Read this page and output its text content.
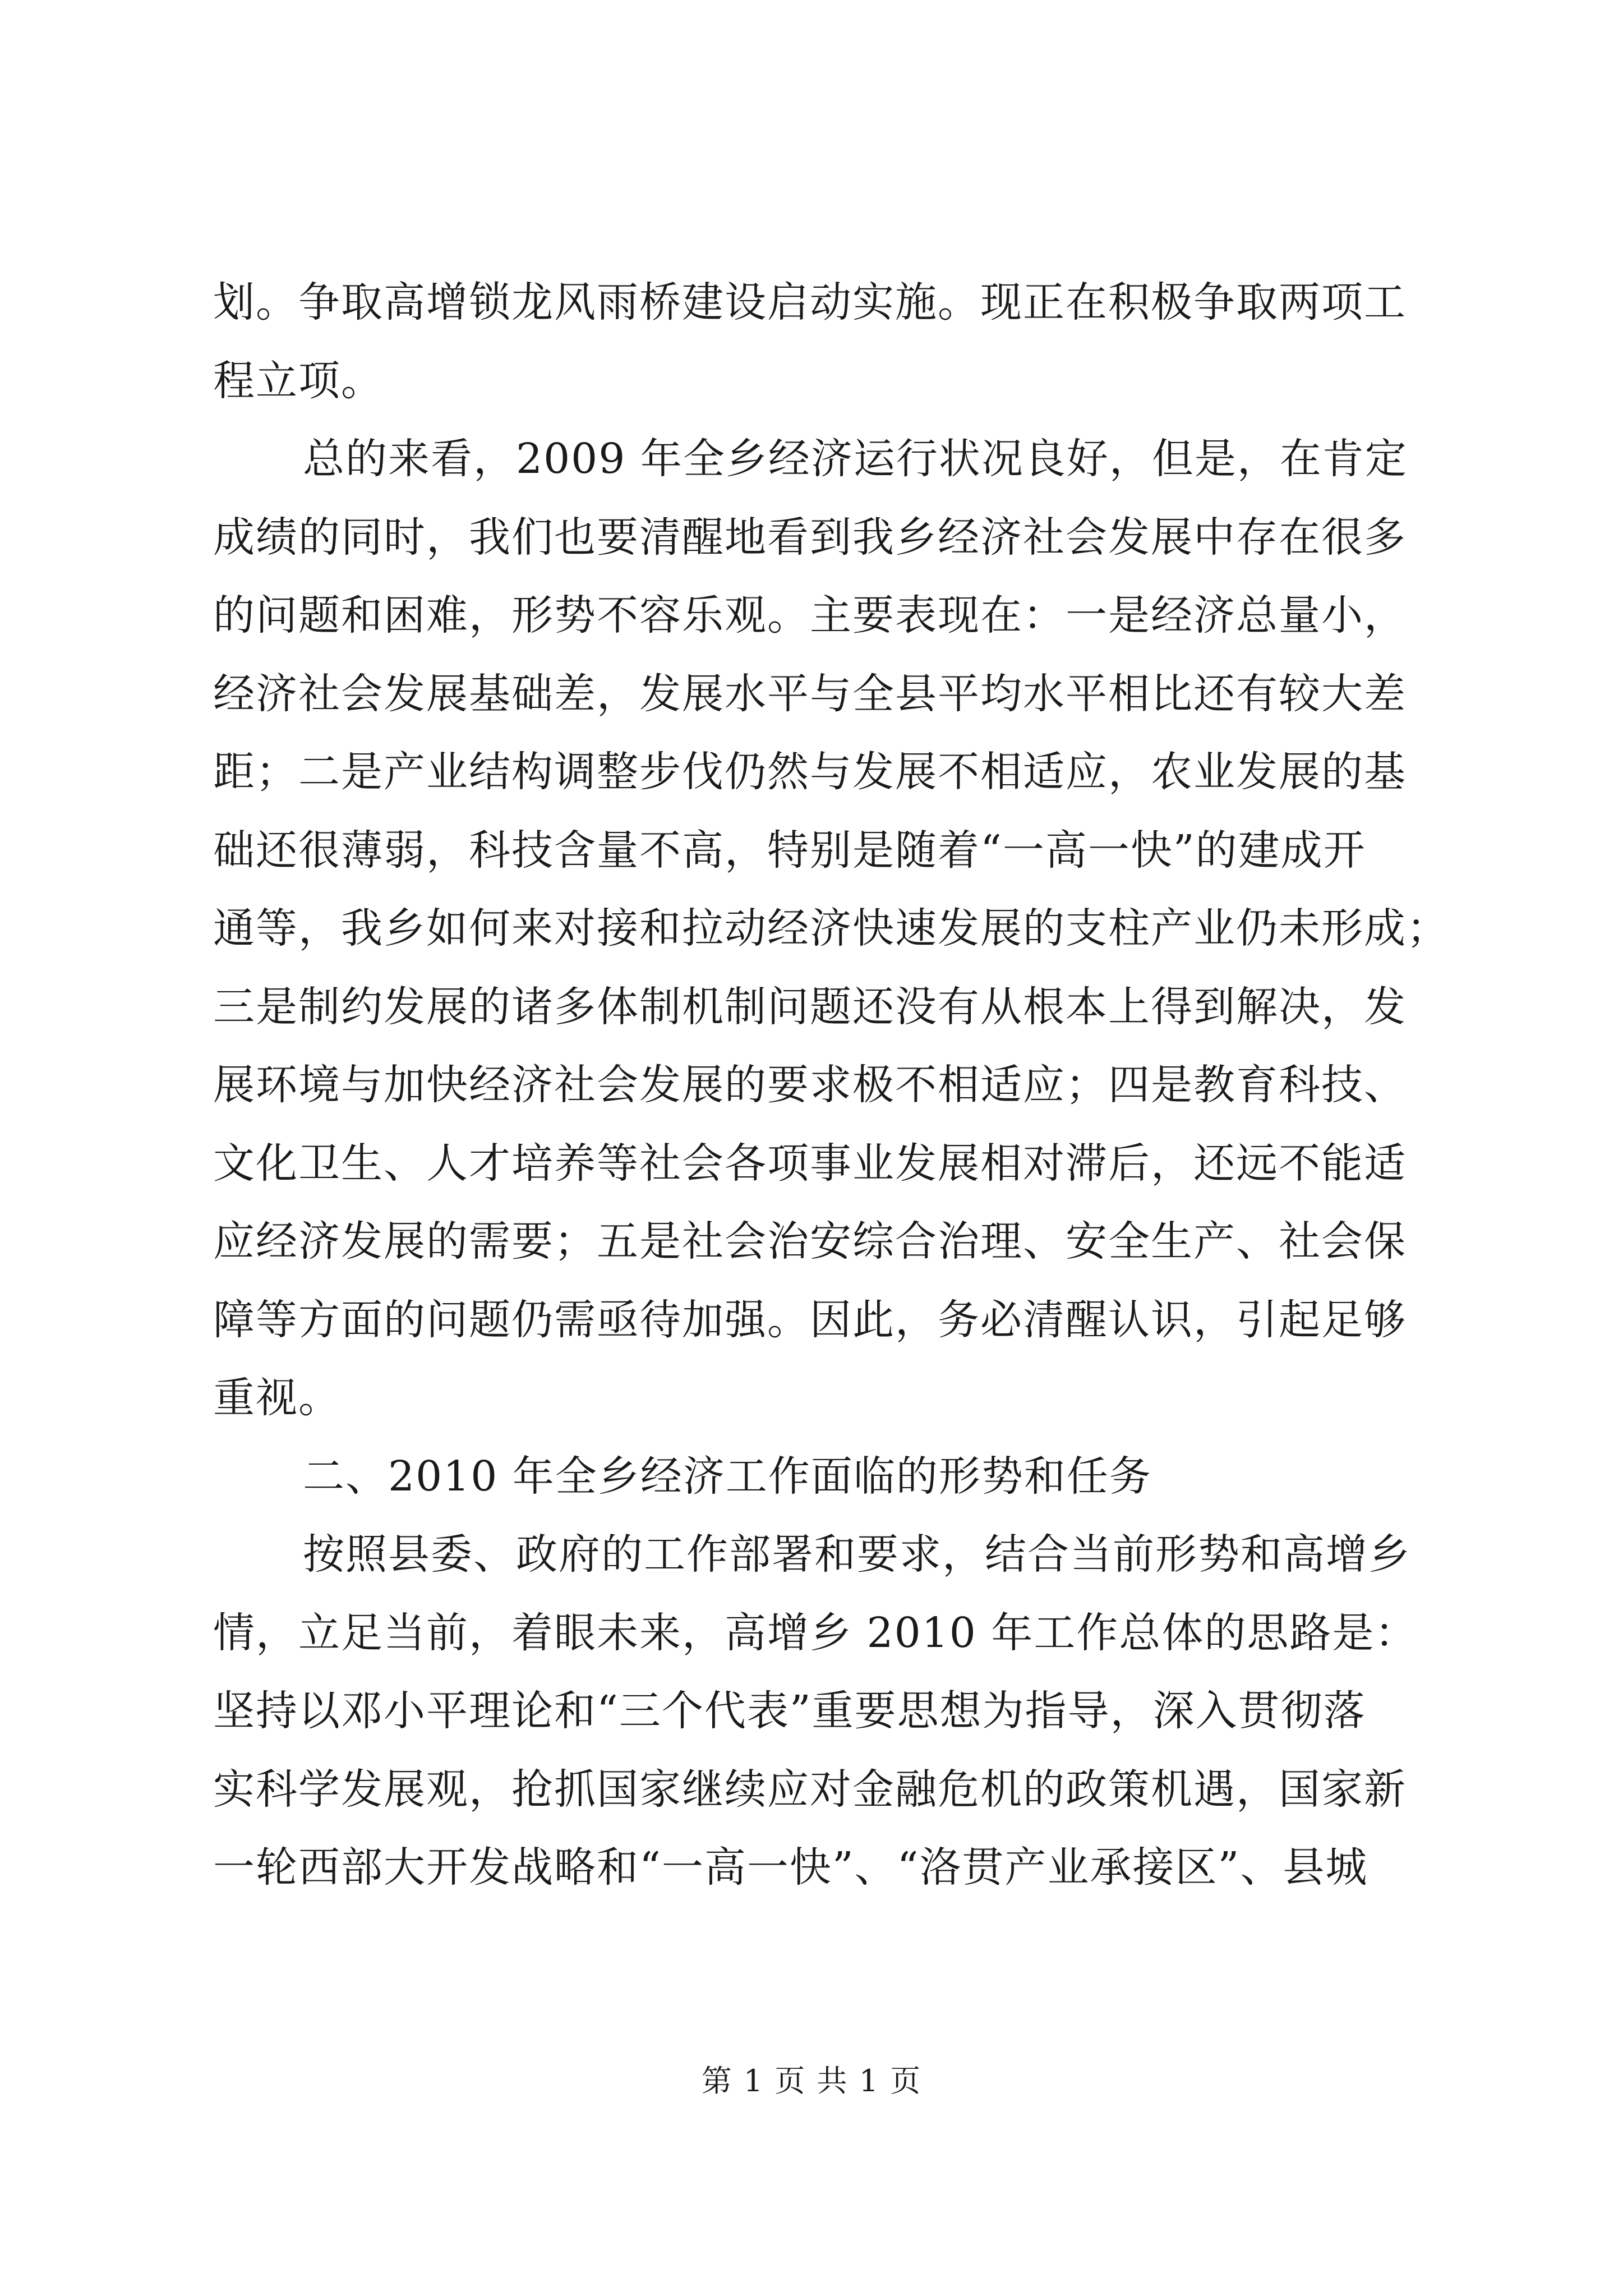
划。争取高增锁龙风雨桥建设启动实施。现正在积极争取两项工
程立项。
总的来看，2009 年全乡经济运行状况良好，但是，在肯定
成绩的同时，我们也要清醒地看到我乡经济社会发展中存在很多
的问题和困难，形势不容乐观。主要表现在：一是经济总量小，
经济社会发展基础差，发展水平与全县平均水平相比还有较大差
距；二是产业结构调整步伐仍然与发展不相适应，农业发展的基
础还很薄弱，科技含量不高，特别是随着“一高一快”的建成开
通等，我乡如何来对接和拉动经济快速发展的支柱产业仍未形成；
三是制约发展的诸多体制机制问题还没有从根本上得到解决，发
展环境与加快经济社会发展的要求极不相适应；四是教育科技、
文化卫生、人才培养等社会各项事业发展相对滞后，还远不能适
应经济发展的需要；五是社会治安综合治理、安全生产、社会保
障等方面的问题仍需亟待加强。因此，务必清醒认识，引起足够
重视。
二、2010 年全乡经济工作面临的形势和任务
按照县委、政府的工作部署和要求，结合当前形势和高增乡
情，立足当前，着眼未来，高增乡 2010 年工作总体的思路是：
坚持以邓小平理论和“三个代表”重要思想为指导，深入贯彻落
实科学发展观，抢抓国家继续应对金融危机的政策机遇，国家新
一轮西部大开发战略和“一高一快”、“洛贯产业承接区”、县城
第 1 页 共 1 页
